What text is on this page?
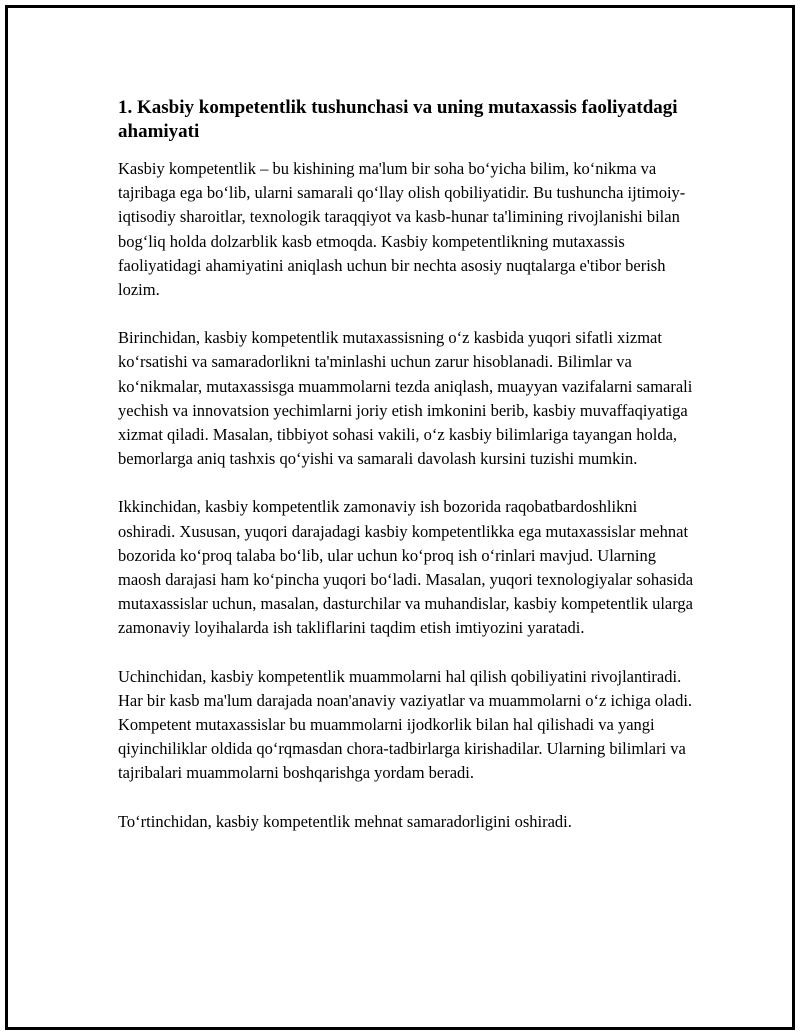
1. Kasbiy kompetentlik tushunchasi va uning mutaxassis faoliyatdagi ahamiyati

Kasbiy kompetentlik – bu kishining ma'lum bir soha bo‘yicha bilim, ko‘nikma va tajribaga ega bo‘lib, ularni samarali qo‘llay olish qobiliyatidir. Bu tushuncha ijtimoiy-iqtisodiy sharoitlar, texnologik taraqqiyot va kasb-hunar ta'limining rivojlanishi bilan bog‘liq holda dolzarblik kasb etmoqda. Kasbiy kompetentlikning mutaxassis faoliyatidagi ahamiyatini aniqlash uchun bir nechta asosiy nuqtalarga e'tibor berish lozim.

Birinchidan, kasbiy kompetentlik mutaxassisning o‘z kasbida yuqori sifatli xizmat ko‘rsatishi va samaradorlikni ta'minlashi uchun zarur hisoblanadi. Bilimlar va ko‘nikmalar, mutaxassisga muammolarni tezda aniqlash, muayyan vazifalarni samarali yechish va innovatsion yechimlarni joriy etish imkonini berib, kasbiy muvaffaqiyatiga xizmat qiladi. Masalan, tibbiyot sohasi vakili, o‘z kasbiy bilimlariga tayangan holda, bemorlarga aniq tashxis qo‘yishi va samarali davolash kursini tuzishi mumkin.

Ikkinchidan, kasbiy kompetentlik zamonaviy ish bozorida raqobatbardoshlikni oshiradi. Xususan, yuqori darajadagi kasbiy kompetentlikka ega mutaxassislar mehnat bozorida ko‘proq talaba bo‘lib, ular uchun ko‘proq ish o‘rinlari mavjud. Ularning maosh darajasi ham ko‘pincha yuqori bo‘ladi. Masalan, yuqori texnologiyalar sohasida mutaxassislar uchun, masalan, dasturchilar va muhandislar, kasbiy kompetentlik ularga zamonaviy loyihalarda ish takliflarini taqdim etish imtiyozini yaratadi.

Uchinchidan, kasbiy kompetentlik muammolarni hal qilish qobiliyatini rivojlantiradi. Har bir kasb ma'lum darajada noan'anaviy vaziyatlar va muammolarni o‘z ichiga oladi. Kompetent mutaxassislar bu muammolarni ijodkorlik bilan hal qilishadi va yangi qiyinchiliklar oldida qo‘rqmasdan chora-tadbirlarga kirishadilar. Ularning bilimlari va tajribalari muammolarni boshqarishga yordam beradi.

To‘rtinchidan, kasbiy kompetentlik mehnat samaradorligini oshiradi.
